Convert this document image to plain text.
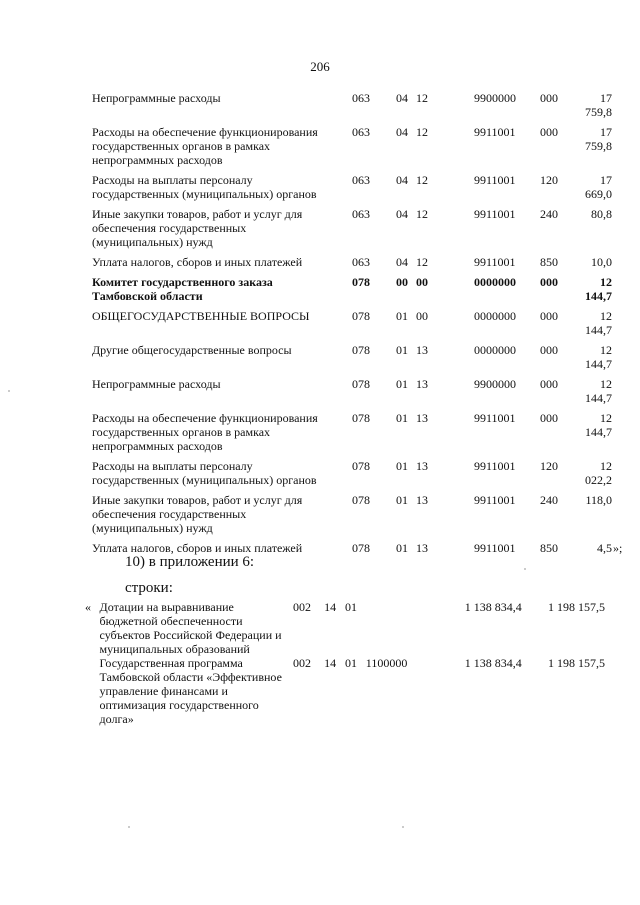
206
Непрограммные расходы	063	04	12	9900000	000	17 759,8
Расходы на обеспечение функционирования государственных органов в рамках непрограммных расходов	063	04	12	9911001	000	17 759,8
Расходы на выплаты персоналу государственных (муниципальных) органов	063	04	12	9911001	120	17 669,0
Иные закупки товаров, работ и услуг для обеспечения государственных (муниципальных) нужд	063	04	12	9911001	240	80,8
Уплата налогов, сборов и иных платежей	063	04	12	9911001	850	10,0
Комитет государственного заказа Тамбовской области	078	00	00	0000000	000	12 144,7
ОБЩЕГОСУДАРСТВЕННЫЕ ВОПРОСЫ	078	01	00	0000000	000	12 144,7
Другие общегосударственные вопросы	078	01	13	0000000	000	12 144,7
Непрограммные расходы	078	01	13	9900000	000	12 144,7
Расходы на обеспечение функционирования государственных органов в рамках непрограммных расходов	078	01	13	9911001	000	12 144,7
Расходы на выплаты персоналу государственных (муниципальных) органов	078	01	13	9911001	120	12 022,2
Иные закупки товаров, работ и услуг для обеспечения государственных (муниципальных) нужд	078	01	13	9911001	240	118,0
Уплата налогов, сборов и иных платежей	078	01	13	9911001	850	4,5 »;
10) в приложении 6:
строки:
«	Дотации на выравнивание бюджетной обеспеченности субъектов Российской Федерации и муниципальных образований	002	14	01		1 138 834,4	1 198 157,5
	Государственная программа Тамбовской области «Эффективное управление финансами и оптимизация государственного долга»	002	14	01	1100000	1 138 834,4	1 198 157,5
